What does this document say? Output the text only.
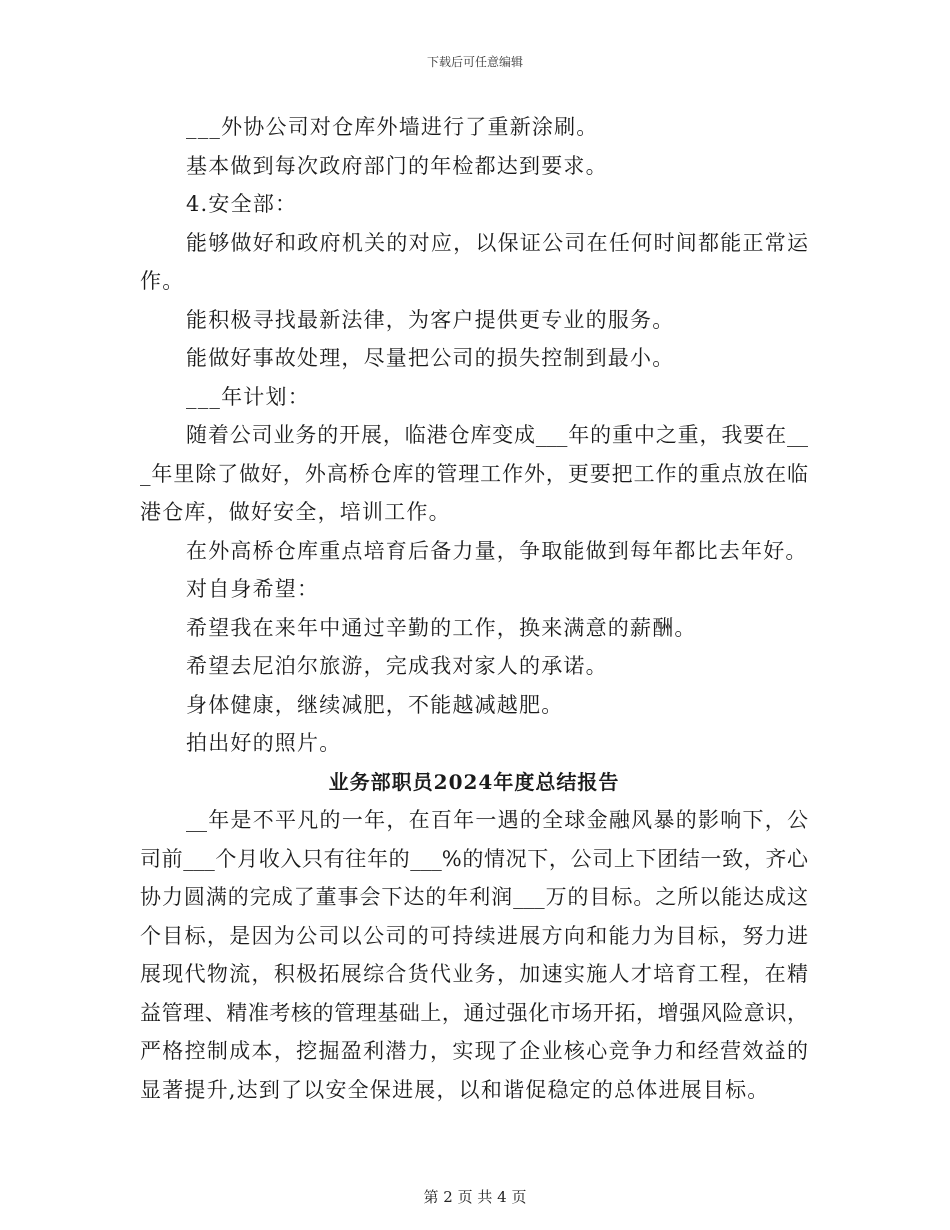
下载后可任意编辑
___外协公司对仓库外墙进行了重新涂刷。
基本做到每次政府部门的年检都达到要求。
4.安全部：
能够做好和政府机关的对应，以保证公司在任何时间都能正常运
作。
能积极寻找最新法律，为客户提供更专业的服务。
能做好事故处理，尽量把公司的损失控制到最小。
___年计划：
随着公司业务的开展，临港仓库变成___年的重中之重，我要在__
_年里除了做好，外高桥仓库的管理工作外，更要把工作的重点放在临
港仓库，做好安全，培训工作。
在外高桥仓库重点培育后备力量，争取能做到每年都比去年好。
对自身希望：
希望我在来年中通过辛勤的工作，换来满意的薪酬。
希望去尼泊尔旅游，完成我对家人的承诺。
身体健康，继续减肥，不能越减越肥。
拍出好的照片。
业务部职员2024年度总结报告
__年是不平凡的一年，在百年一遇的全球金融风暴的影响下，公
司前___个月收入只有往年的___%的情况下，公司上下团结一致，齐心
协力圆满的完成了董事会下达的年利润___万的目标。之所以能达成这
个目标，是因为公司以公司的可持续进展方向和能力为目标，努力进
展现代物流，积极拓展综合货代业务，加速实施人才培育工程，在精
益管理、精准考核的管理基础上，通过强化市场开拓，增强风险意识，
严格控制成本，挖掘盈利潜力，实现了企业核心竞争力和经营效益的
显著提升,达到了以安全保进展，以和谐促稳定的总体进展目标。
第 2 页 共 4 页
